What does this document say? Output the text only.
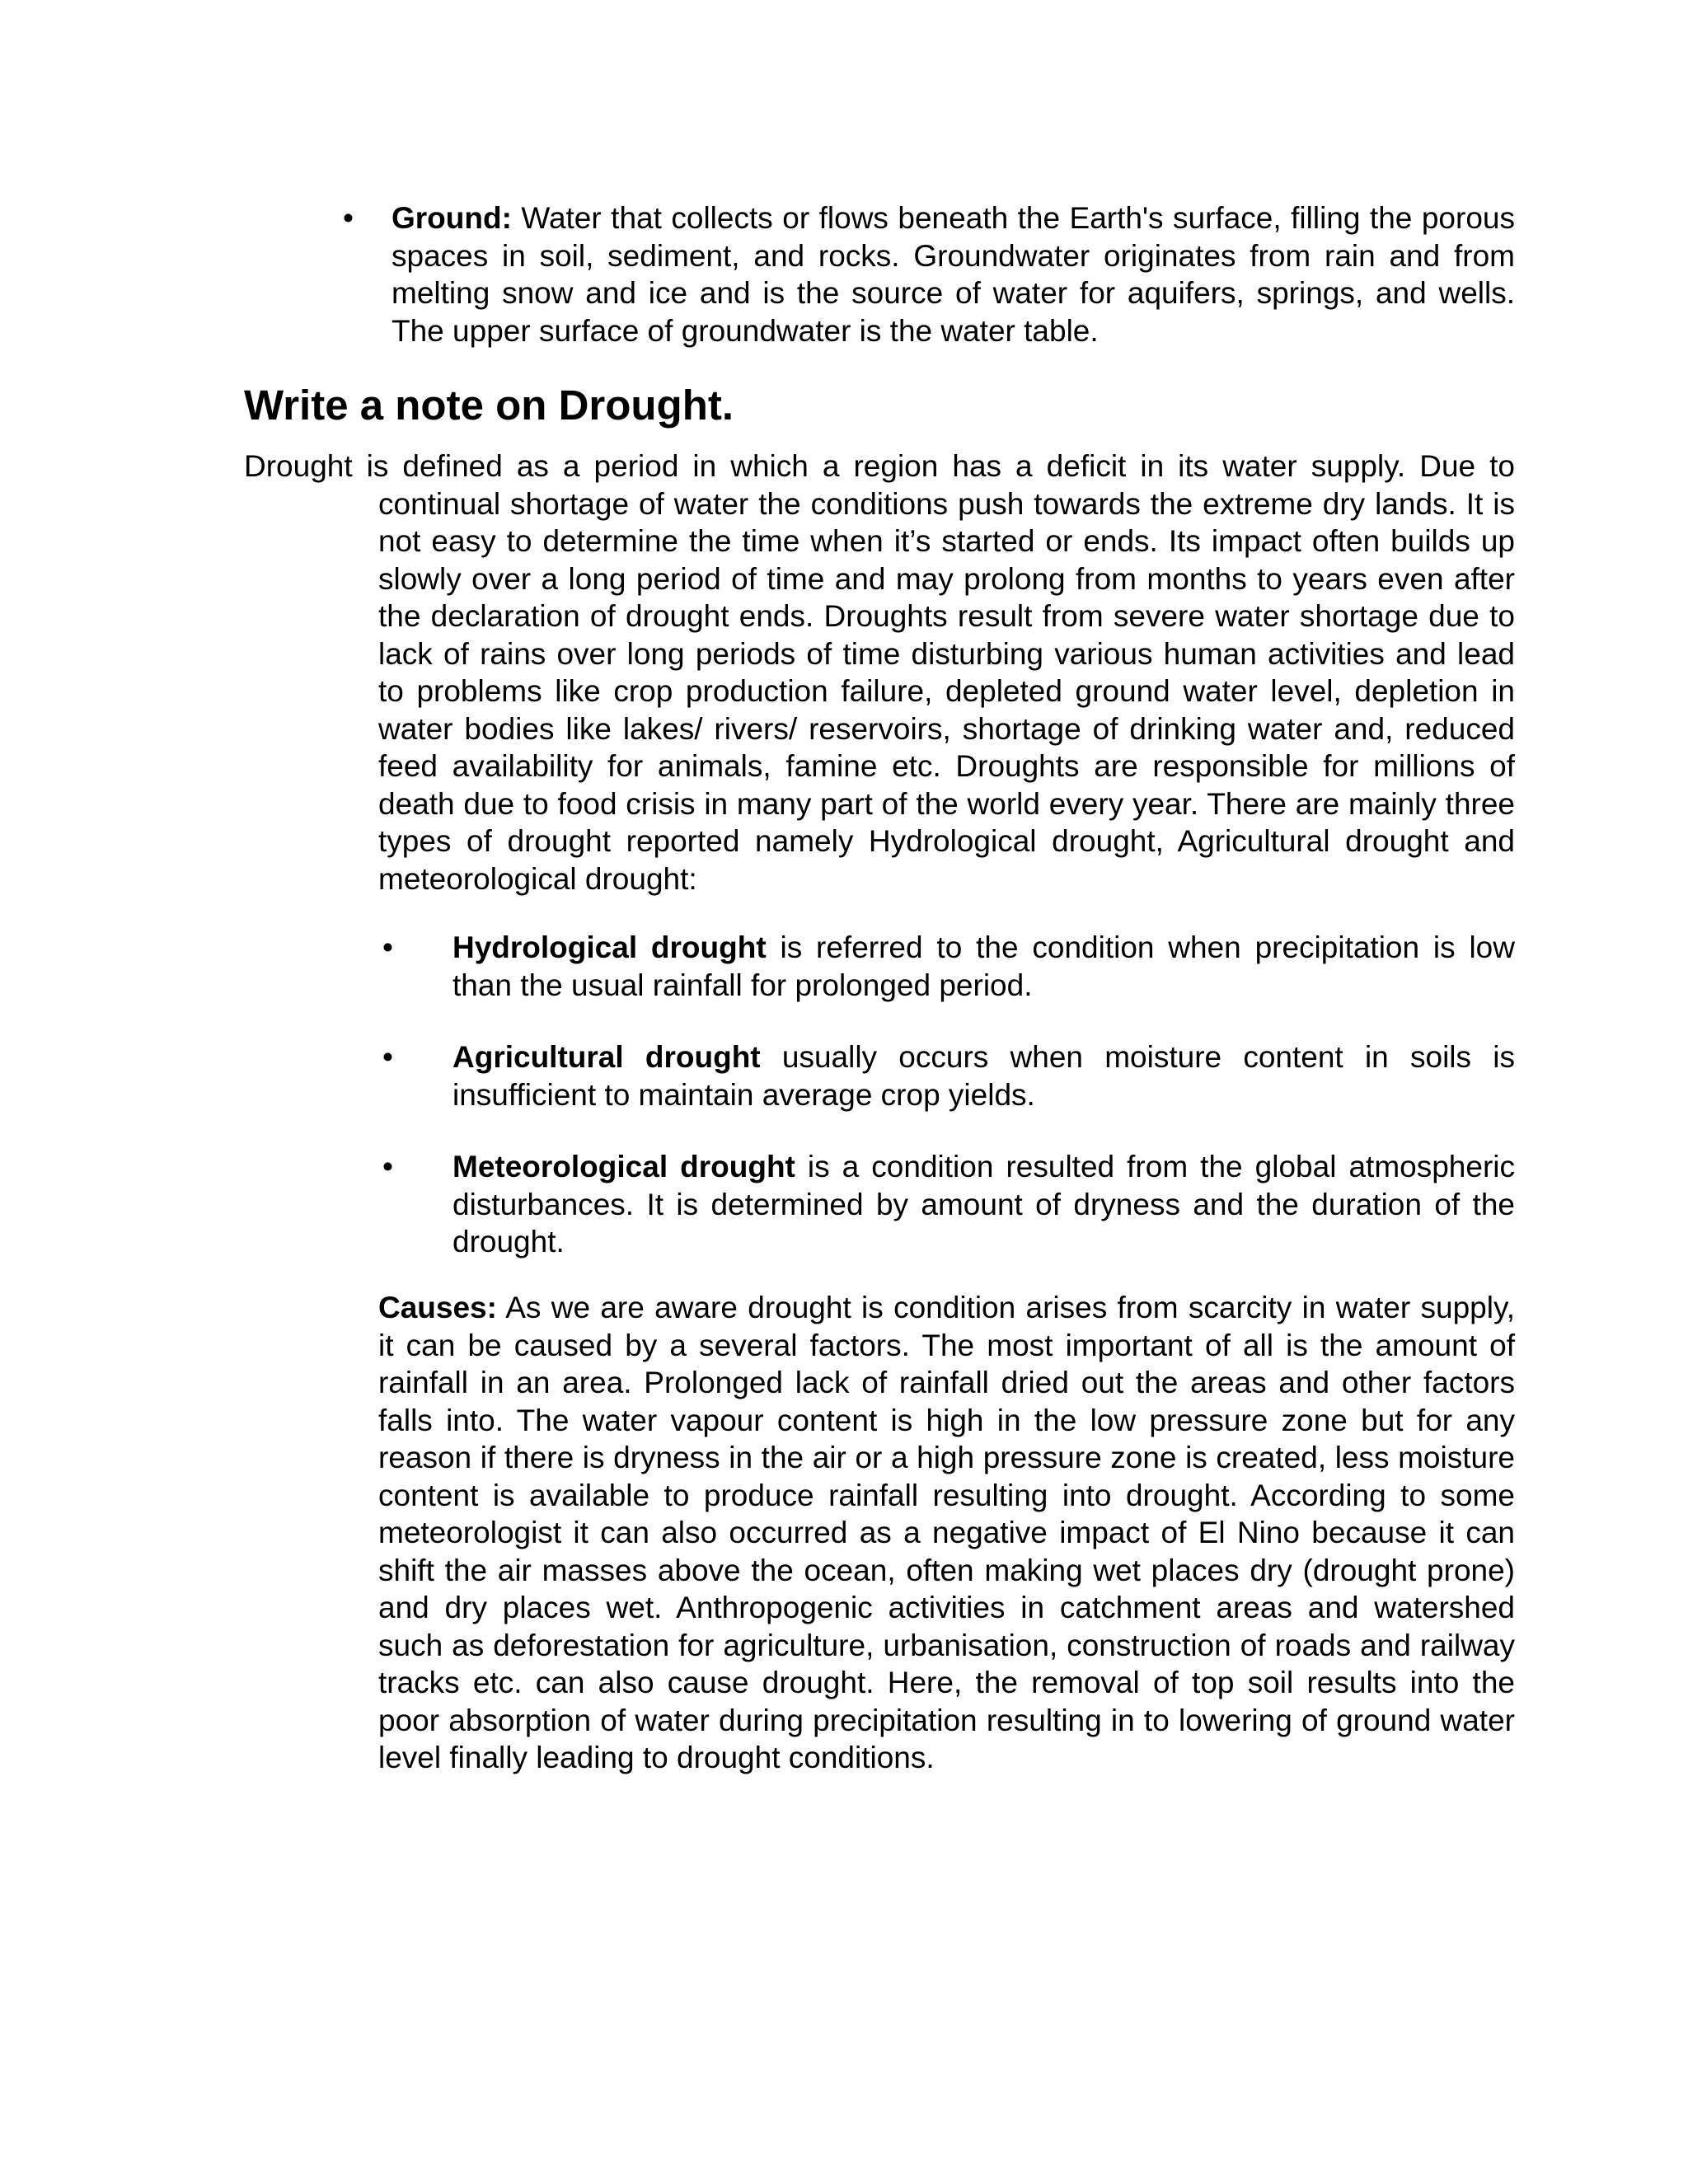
• Ground: Water that collects or flows beneath the Earth's surface, filling the porous spaces in soil, sediment, and rocks. Groundwater originates from rain and from melting snow and ice and is the source of water for aquifers, springs, and wells. The upper surface of groundwater is the water table.

Write a note on Drought.

Drought is defined as a period in which a region has a deficit in its water supply. Due to continual shortage of water the conditions push towards the extreme dry lands. It is not easy to determine the time when it’s started or ends. Its impact often builds up slowly over a long period of time and may prolong from months to years even after the declaration of drought ends. Droughts result from severe water shortage due to lack of rains over long periods of time disturbing various human activities and lead to problems like crop production failure, depleted ground water level, depletion in water bodies like lakes/ rivers/ reservoirs, shortage of drinking water and, reduced feed availability for animals, famine etc. Droughts are responsible for millions of death due to food crisis in many part of the world every year. There are mainly three types of drought reported namely Hydrological drought, Agricultural drought and meteorological drought:

• Hydrological drought is referred to the condition when precipitation is low than the usual rainfall for prolonged period.

• Agricultural drought usually occurs when moisture content in soils is insufficient to maintain average crop yields.

• Meteorological drought is a condition resulted from the global atmospheric disturbances. It is determined by amount of dryness and the duration of the drought.

Causes: As we are aware drought is condition arises from scarcity in water supply, it can be caused by a several factors. The most important of all is the amount of rainfall in an area. Prolonged lack of rainfall dried out the areas and other factors falls into. The water vapour content is high in the low pressure zone but for any reason if there is dryness in the air or a high pressure zone is created, less moisture content is available to produce rainfall resulting into drought. According to some meteorologist it can also occurred as a negative impact of El Nino because it can shift the air masses above the ocean, often making wet places dry (drought prone) and dry places wet. Anthropogenic activities in catchment areas and watershed such as deforestation for agriculture, urbanisation, construction of roads and railway tracks etc. can also cause drought. Here, the removal of top soil results into the poor absorption of water during precipitation resulting in to lowering of ground water level finally leading to drought conditions.
